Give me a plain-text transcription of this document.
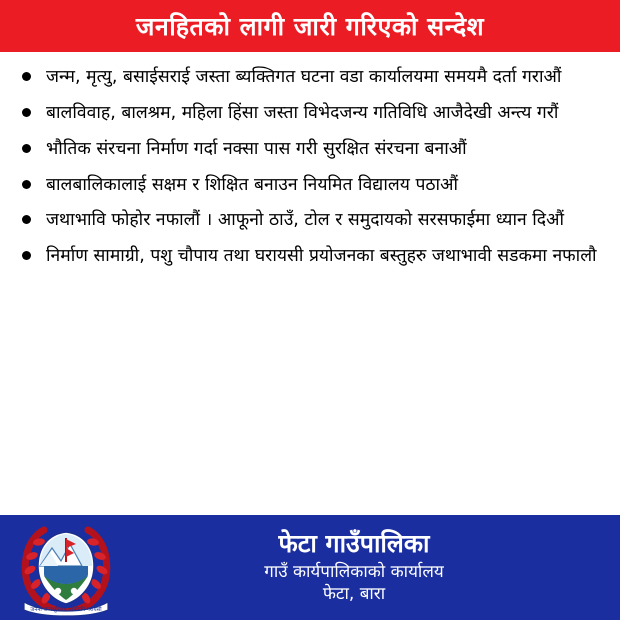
जनहितको लागी जारी गरिएको सन्देश
जन्म, मृत्यु, बसाईसराई जस्ता ब्यक्तिगत घटना वडा कार्यालयमा समयमै दर्ता गराऔं
बालविवाह, बालश्रम, महिला हिंसा जस्ता विभेदजन्य गतिविधि आजैदेखी अन्त्य गरौं
भौतिक संरचना निर्माण गर्दा नक्सा पास गरी सुरक्षित संरचना बनाऔं
बालबालिकालाई सक्षम र शिक्षित बनाउन नियमित विद्यालय पठाऔं
जथाभावि फोहोर नफालौं । आफूनो ठाउँ, टोल र समुदायको सरसफाईमा ध्यान दिऔं
निर्माण सामाग्री, पशु चौपाय तथा घरायसी प्रयोजनका बस्तुहरु जथाभावी सडकमा नफालौ
जननी जन्मभूमिश्च स्वर्गादपि गरीयसी
फेटा गाउँपालिका
गाउँ कार्यपालिकाको कार्यालय
फेटा, बारा
